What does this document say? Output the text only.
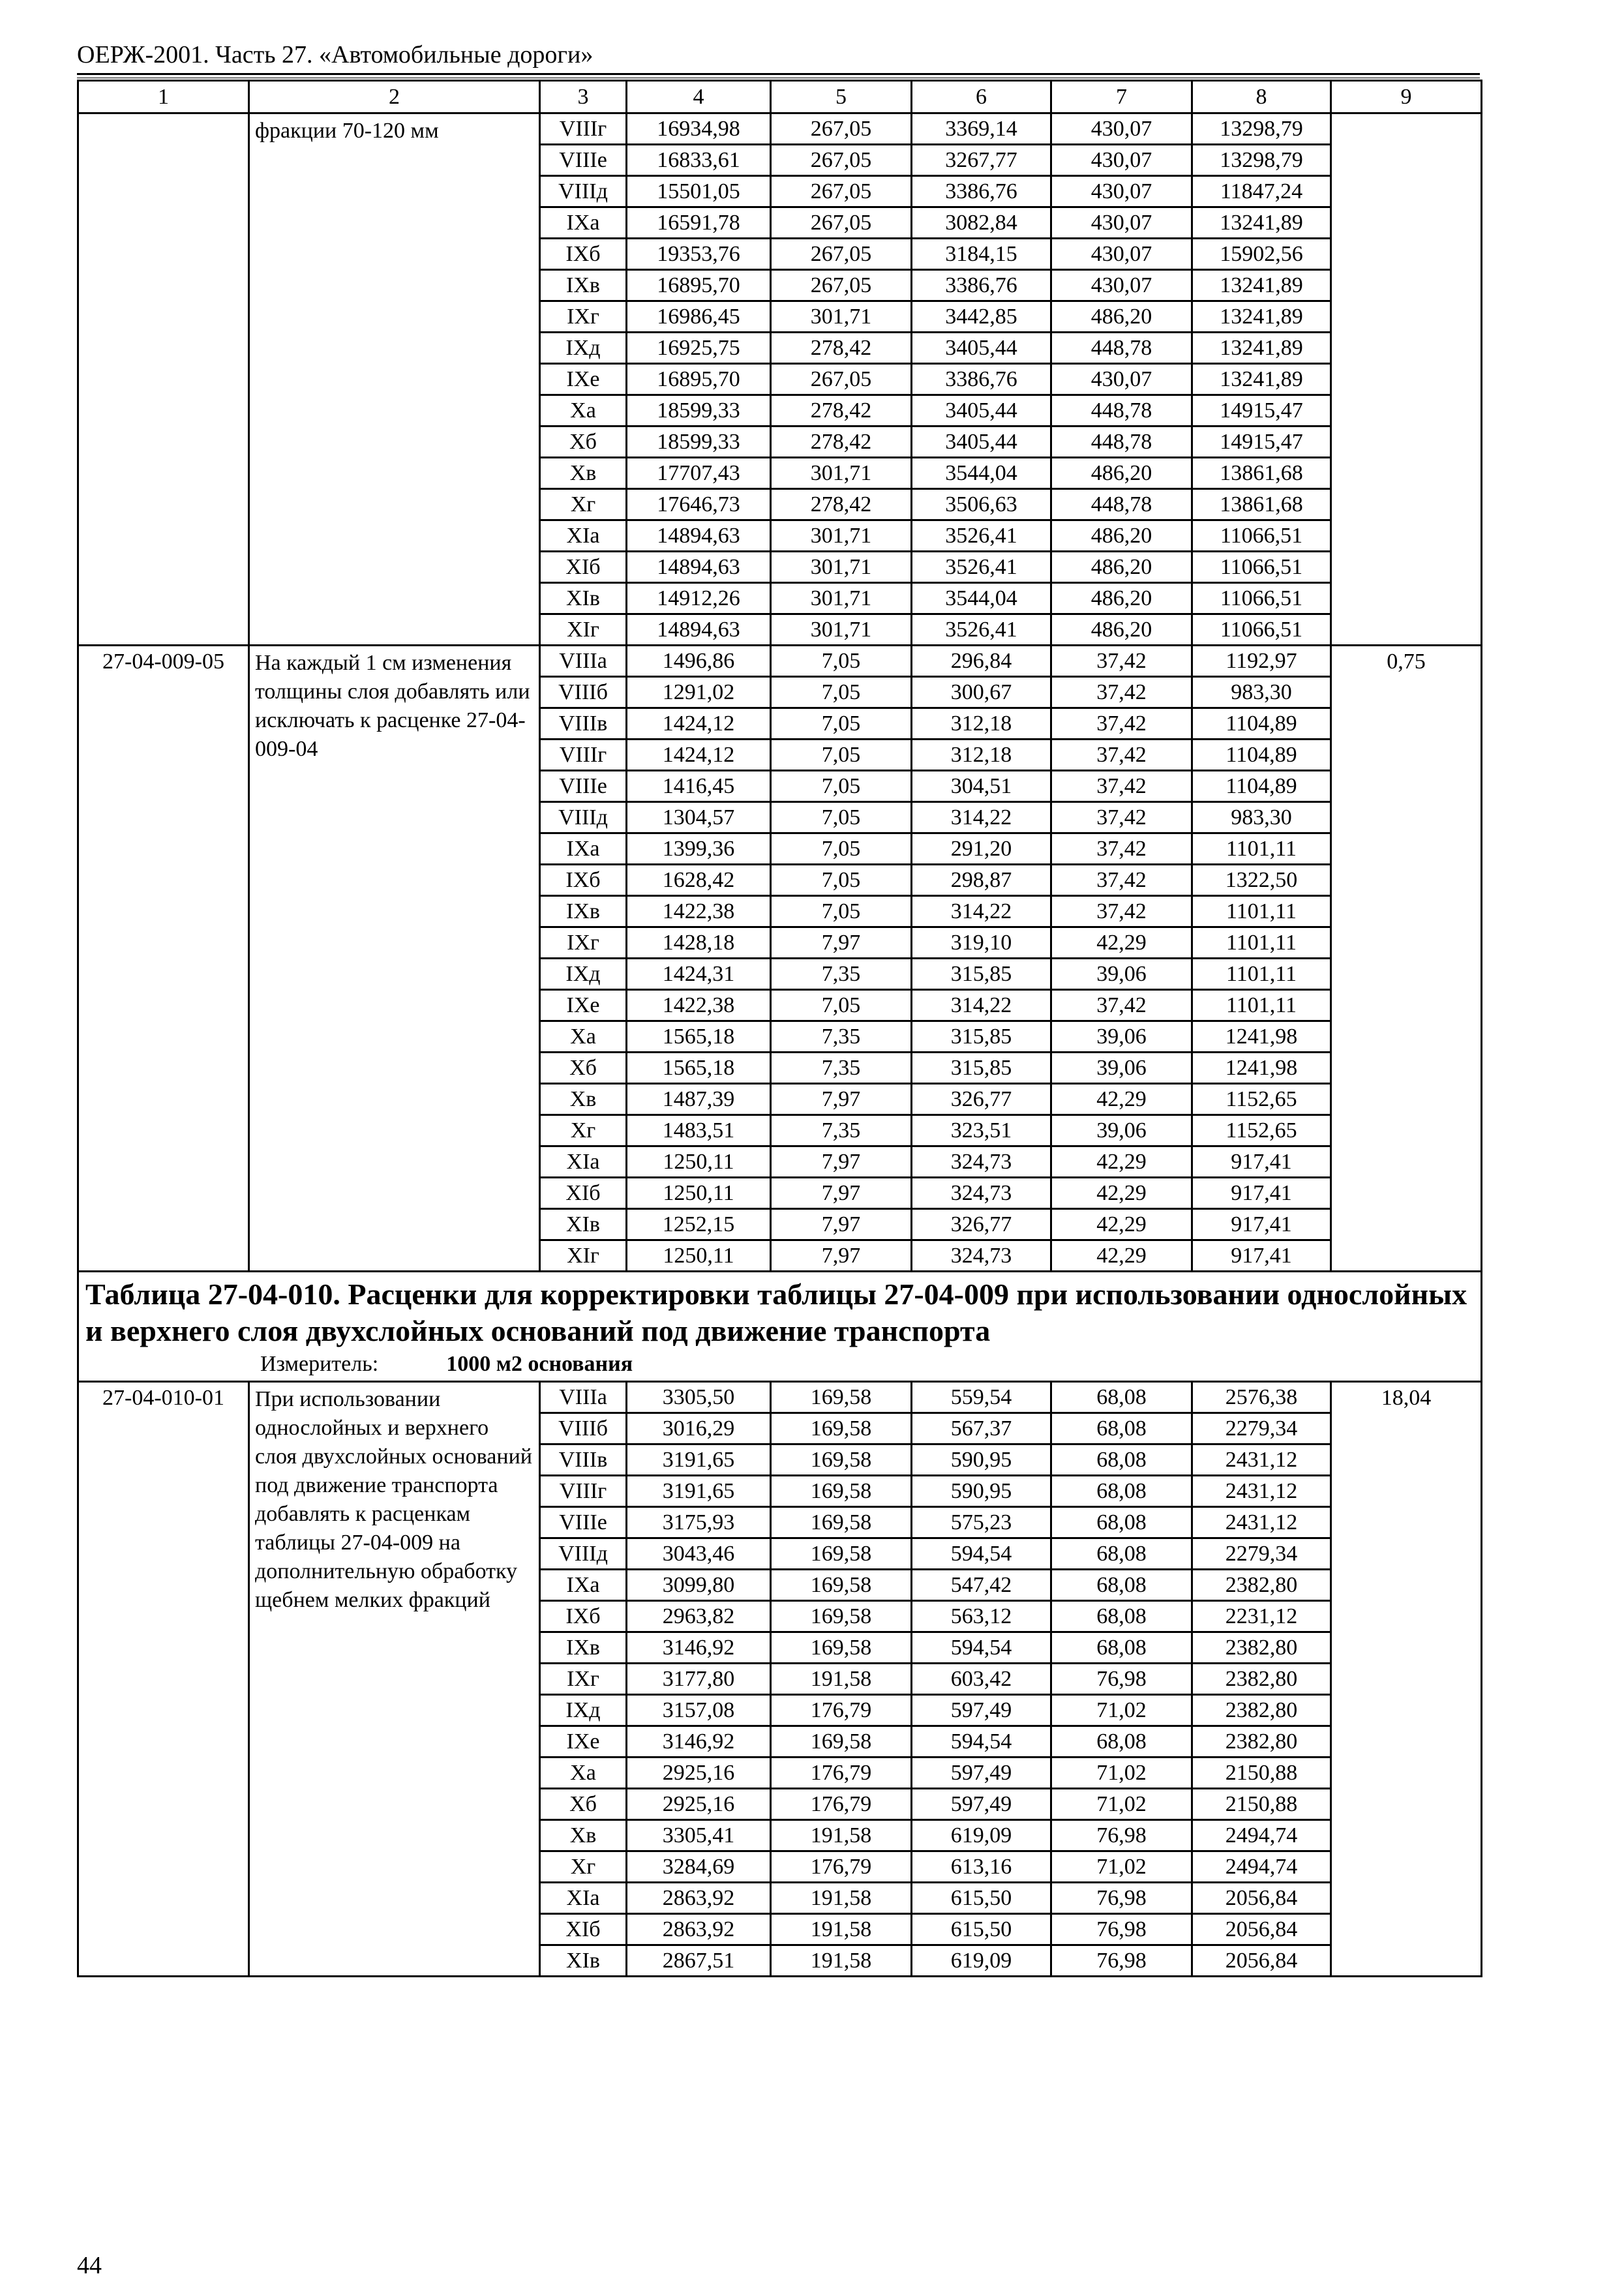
ОЕРЖ-2001. Часть 27. «Автомобильные дороги»
1	2	3	4	5	6	7	8	9
	фракции 70-120 мм	VIIIг	16934,98	267,05	3369,14	430,07	13298,79	
		VIIIе	16833,61	267,05	3267,77	430,07	13298,79	
		VIIIд	15501,05	267,05	3386,76	430,07	11847,24	
		IXа	16591,78	267,05	3082,84	430,07	13241,89	
		IXб	19353,76	267,05	3184,15	430,07	15902,56	
		IXв	16895,70	267,05	3386,76	430,07	13241,89	
		IXг	16986,45	301,71	3442,85	486,20	13241,89	
		IXд	16925,75	278,42	3405,44	448,78	13241,89	
		IXе	16895,70	267,05	3386,76	430,07	13241,89	
		Xа	18599,33	278,42	3405,44	448,78	14915,47	
		Xб	18599,33	278,42	3405,44	448,78	14915,47	
		Xв	17707,43	301,71	3544,04	486,20	13861,68	
		Xг	17646,73	278,42	3506,63	448,78	13861,68	
		XIа	14894,63	301,71	3526,41	486,20	11066,51	
		XIб	14894,63	301,71	3526,41	486,20	11066,51	
		XIв	14912,26	301,71	3544,04	486,20	11066,51	
		XIг	14894,63	301,71	3526,41	486,20	11066,51	
27-04-009-05	На каждый 1 см изменения толщины слоя добавлять или исключать к расценке 27-04-009-04	VIIIа	1496,86	7,05	296,84	37,42	1192,97	0,75
		VIIIб	1291,02	7,05	300,67	37,42	983,30	
		VIIIв	1424,12	7,05	312,18	37,42	1104,89	
		VIIIг	1424,12	7,05	312,18	37,42	1104,89	
		VIIIе	1416,45	7,05	304,51	37,42	1104,89	
		VIIIд	1304,57	7,05	314,22	37,42	983,30	
		IXа	1399,36	7,05	291,20	37,42	1101,11	
		IXб	1628,42	7,05	298,87	37,42	1322,50	
		IXв	1422,38	7,05	314,22	37,42	1101,11	
		IXг	1428,18	7,97	319,10	42,29	1101,11	
		IXд	1424,31	7,35	315,85	39,06	1101,11	
		IXе	1422,38	7,05	314,22	37,42	1101,11	
		Xа	1565,18	7,35	315,85	39,06	1241,98	
		Xб	1565,18	7,35	315,85	39,06	1241,98	
		Xв	1487,39	7,97	326,77	42,29	1152,65	
		Xг	1483,51	7,35	323,51	39,06	1152,65	
		XIа	1250,11	7,97	324,73	42,29	917,41	
		XIб	1250,11	7,97	324,73	42,29	917,41	
		XIв	1252,15	7,97	326,77	42,29	917,41	
		XIг	1250,11	7,97	324,73	42,29	917,41	

Таблица 27-04-010. Расценки для корректировки таблицы 27-04-009 при использовании однослойных и верхнего слоя двухслойных оснований под движение транспорта
Измеритель: 1000 м2 основания								

27-04-010-01	При использовании однослойных и верхнего слоя двухслойных оснований под движение транспорта добавлять к расценкам таблицы 27-04-009 на дополнительную обработку щебнем мелких фракций	VIIIа	3305,50	169,58	559,54	68,08	2576,38	18,04
		VIIIб	3016,29	169,58	567,37	68,08	2279,34	
		VIIIв	3191,65	169,58	590,95	68,08	2431,12	
		VIIIг	3191,65	169,58	590,95	68,08	2431,12	
		VIIIе	3175,93	169,58	575,23	68,08	2431,12	
		VIIIд	3043,46	169,58	594,54	68,08	2279,34	
		IXа	3099,80	169,58	547,42	68,08	2382,80	
		IXб	2963,82	169,58	563,12	68,08	2231,12	
		IXв	3146,92	169,58	594,54	68,08	2382,80	
		IXг	3177,80	191,58	603,42	76,98	2382,80	
		IXд	3157,08	176,79	597,49	71,02	2382,80	
		IXе	3146,92	169,58	594,54	68,08	2382,80	
		Xа	2925,16	176,79	597,49	71,02	2150,88	
		Xб	2925,16	176,79	597,49	71,02	2150,88	
		Xв	3305,41	191,58	619,09	76,98	2494,74	
		Xг	3284,69	176,79	613,16	71,02	2494,74	
		XIа	2863,92	191,58	615,50	76,98	2056,84	
		XIб	2863,92	191,58	615,50	76,98	2056,84	
		XIв	2867,51	191,58	619,09	76,98	2056,84	
44
